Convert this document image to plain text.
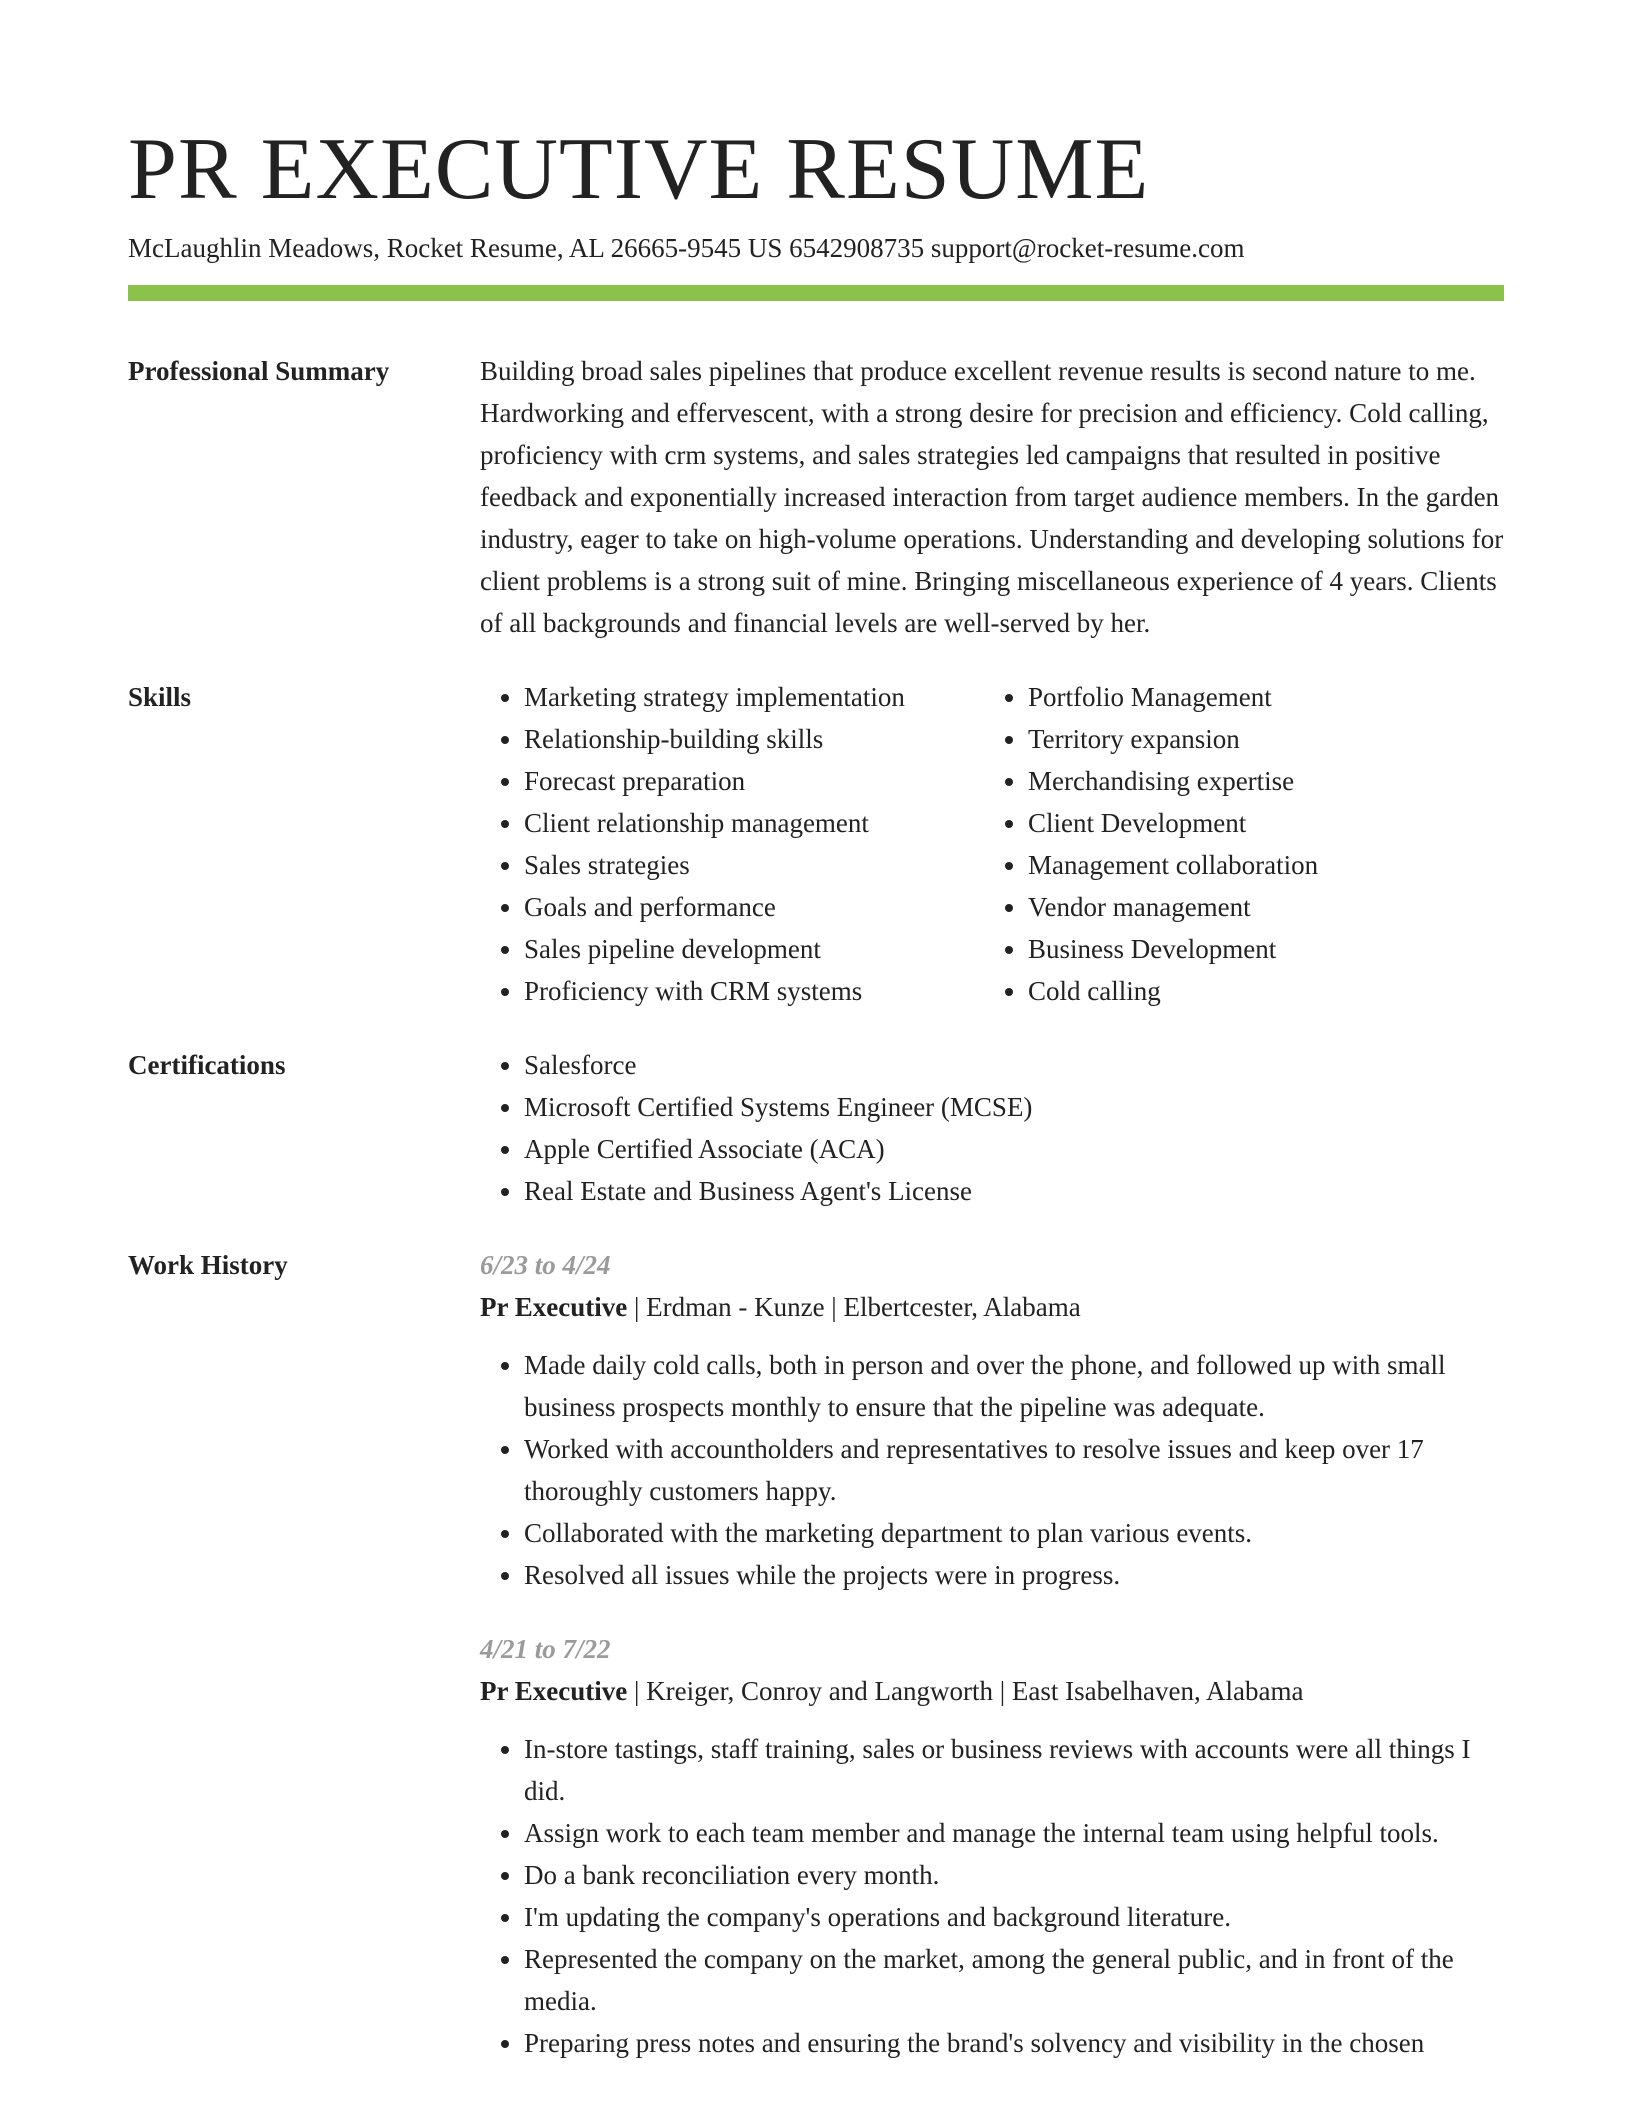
PR EXECUTIVE RESUME
McLaughlin Meadows, Rocket Resume, AL 26665-9545 US 6542908735 support@rocket-resume.com
Professional Summary	Building broad sales pipelines that produce excellent revenue results is second nature to me. Hardworking and effervescent, with a strong desire for precision and efficiency. Cold calling, proficiency with crm systems, and sales strategies led campaigns that resulted in positive feedback and exponentially increased interaction from target audience members. In the garden industry, eager to take on high-volume operations. Understanding and developing solutions for client problems is a strong suit of mine. Bringing miscellaneous experience of 4 years. Clients of all backgrounds and financial levels are well-served by her.

Skills	• Marketing strategy implementation
• Relationship-building skills
• Forecast preparation
• Client relationship management
• Sales strategies
• Goals and performance
• Sales pipeline development
• Proficiency with CRM systems
• Portfolio Management
• Territory expansion
• Merchandising expertise
• Client Development
• Management collaboration
• Vendor management
• Business Development
• Cold calling
Certifications	• Salesforce
• Microsoft Certified Systems Engineer (MCSE)
• Apple Certified Associate (ACA)
• Real Estate and Business Agent's License
Work History	6/23 to 4/24
Pr Executive | Erdman - Kunze | Elbertcester, Alabama
• Made daily cold calls, both in person and over the phone, and followed up with small business prospects monthly to ensure that the pipeline was adequate.
• Worked with accountholders and representatives to resolve issues and keep over 17 thoroughly customers happy.
• Collaborated with the marketing department to plan various events.
• Resolved all issues while the projects were in progress.
4/21 to 7/22
Pr Executive | Kreiger, Conroy and Langworth | East Isabelhaven, Alabama
• In-store tastings, staff training, sales or business reviews with accounts were all things I did.
• Assign work to each team member and manage the internal team using helpful tools.
• Do a bank reconciliation every month.
• I'm updating the company's operations and background literature.
• Represented the company on the market, among the general public, and in front of the media.
• Preparing press notes and ensuring the brand's solvency and visibility in the chosen
